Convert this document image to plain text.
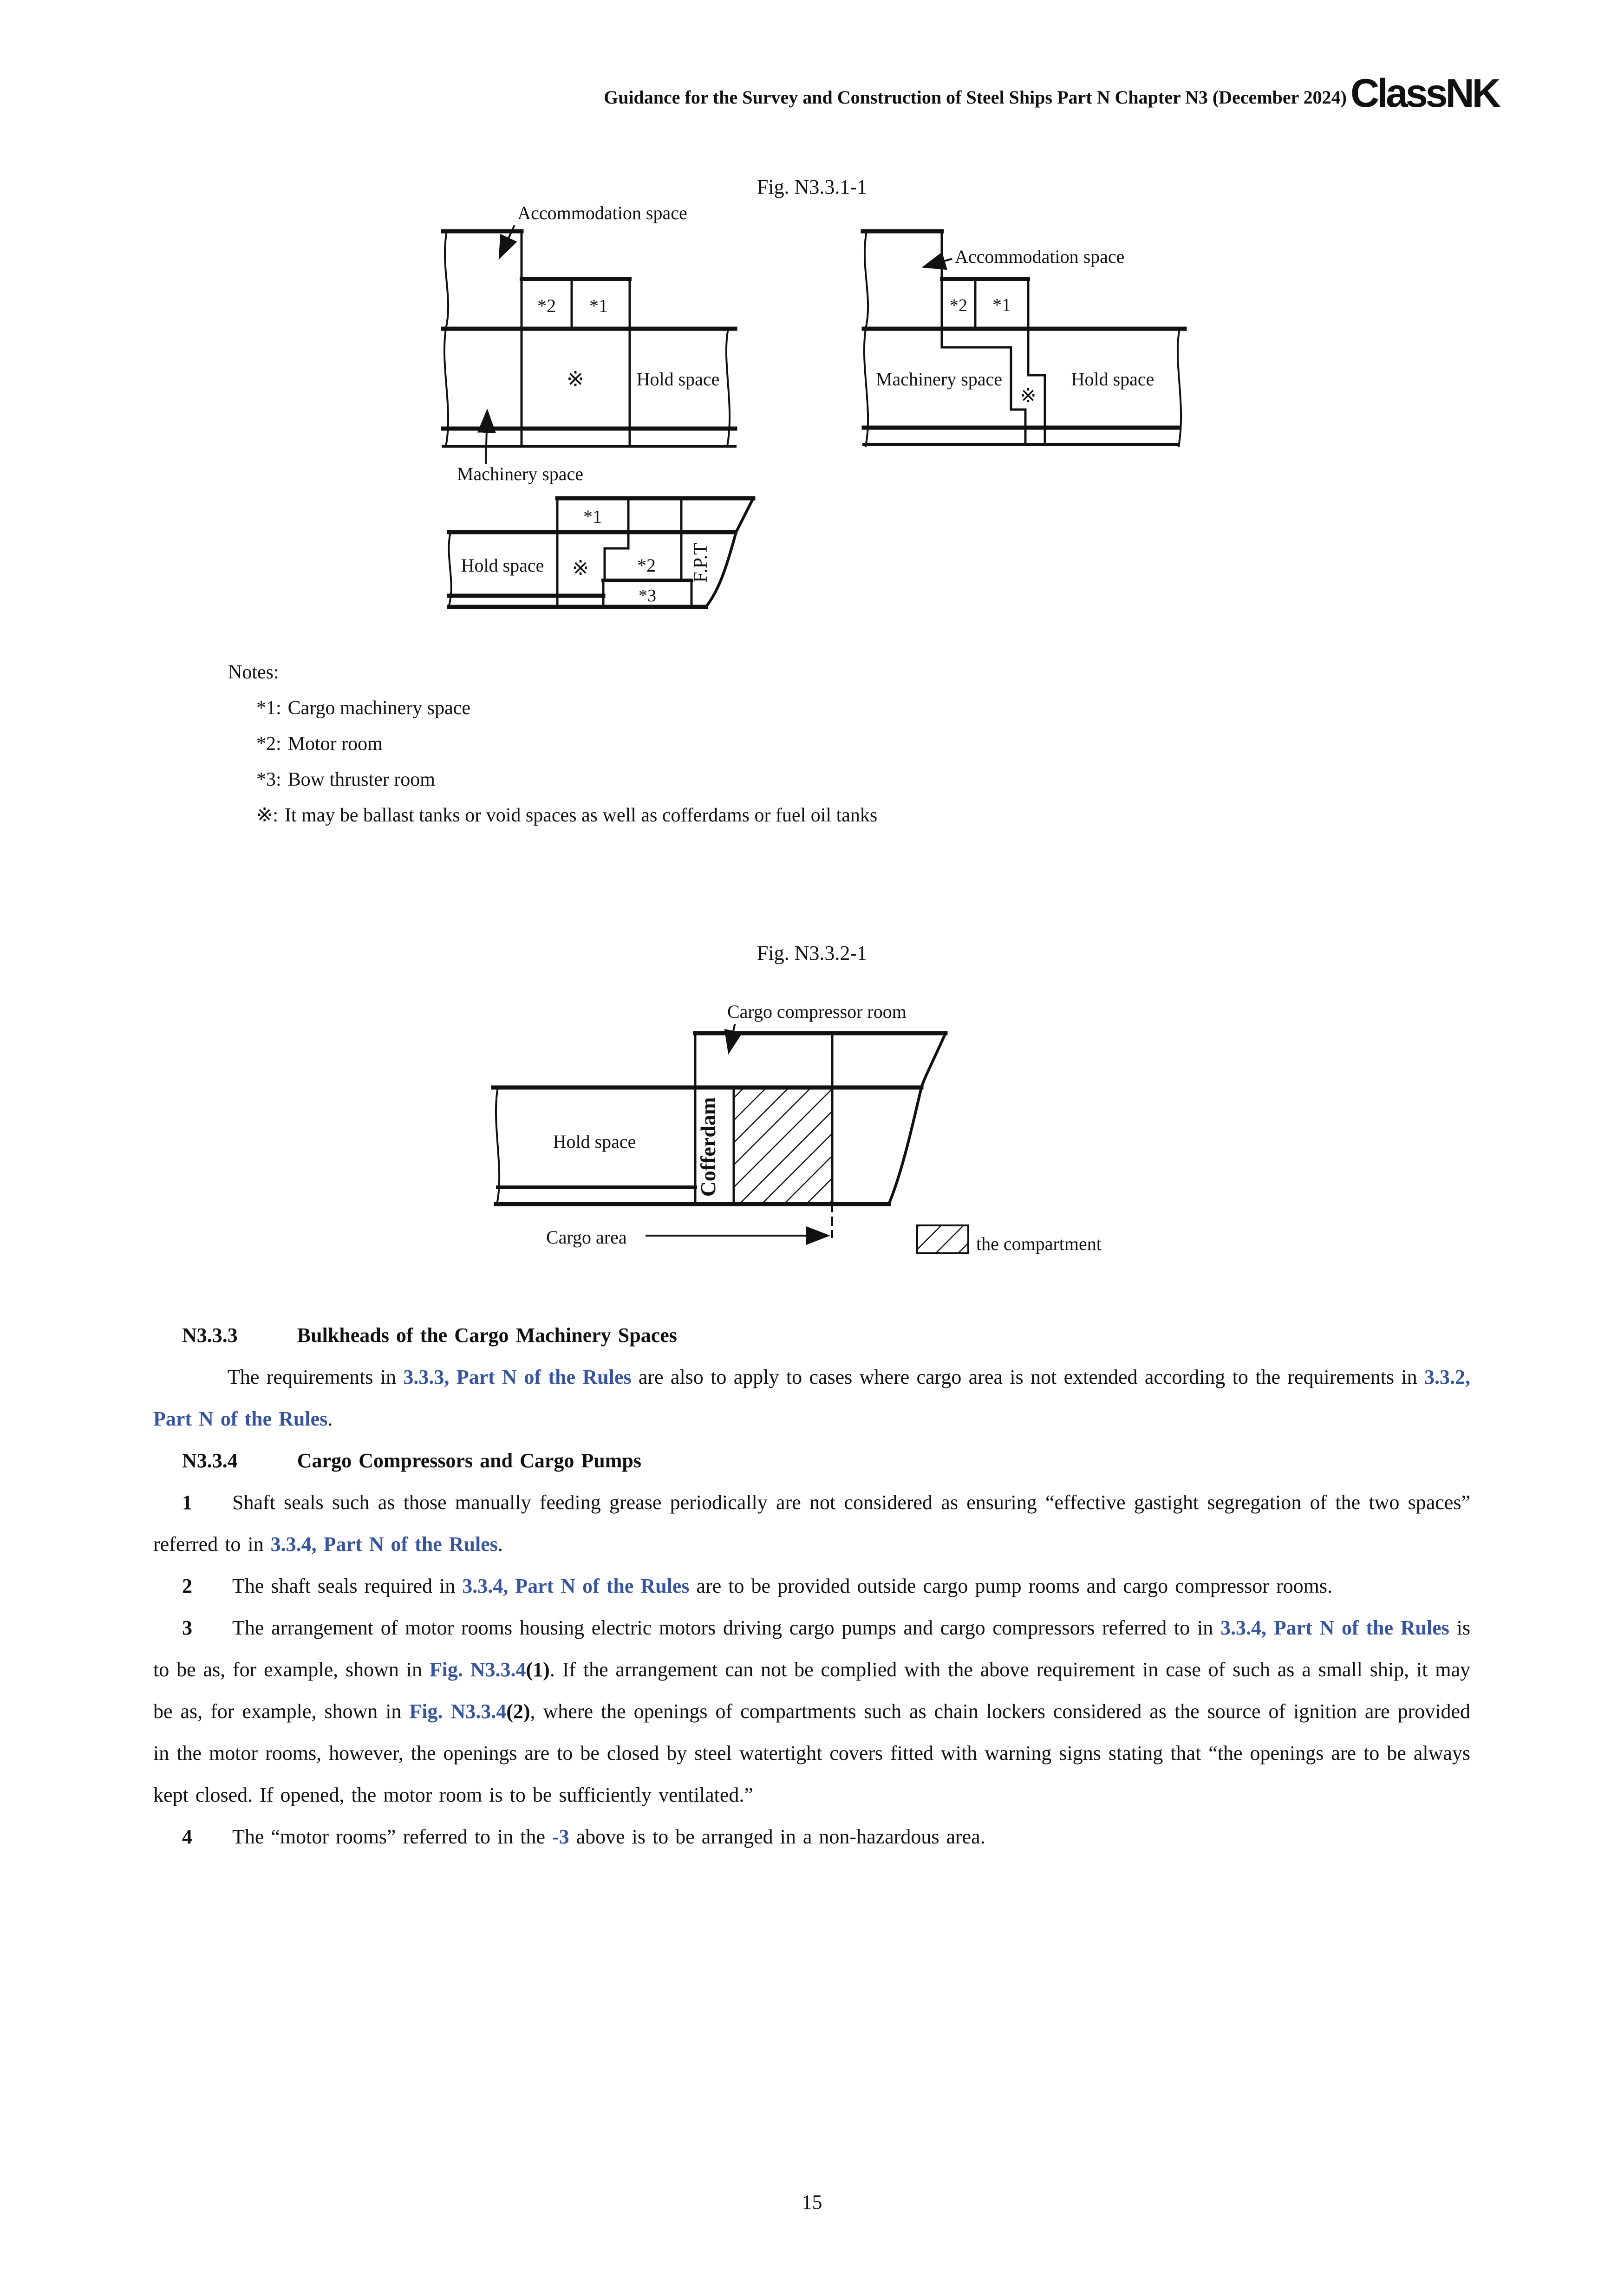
Guidance for the Survey and Construction of Steel Ships Part N Chapter N3 (December 2024) ClassNK
Fig. N3.3.1-1
Accommodation space
*2 *1
※	Hold space
Machinery space
Accommodation space
*2 *1
Machinery space	Hold space
※
*1
※	*2
*3
Hold space	F.P.T
Notes:
*1: Cargo machinery space
*2: Motor room
*3: Bow thruster room
※: It may be ballast tanks or void spaces as well as cofferdams or fuel oil tanks
Fig. N3.3.2-1
Cargo compressor room
Hold space	Cofferdam
Cargo area	the compartment
N3.3.3	Bulkheads of the Cargo Machinery Spaces
The requirements in 3.3.3, Part N of the Rules are also to apply to cases where cargo area is not extended according to the requirements in 3.3.2, Part N of the Rules.
N3.3.4	Cargo Compressors and Cargo Pumps
1 Shaft seals such as those manually feeding grease periodically are not considered as ensuring “effective gastight segregation of the two spaces” referred to in 3.3.4, Part N of the Rules.
2 The shaft seals required in 3.3.4, Part N of the Rules are to be provided outside cargo pump rooms and cargo compressor rooms.
3 The arrangement of motor rooms housing electric motors driving cargo pumps and cargo compressors referred to in 3.3.4, Part N of the Rules is to be as, for example, shown in Fig. N3.3.4(1). If the arrangement can not be complied with the above requirement in case of such as a small ship, it may be as, for example, shown in Fig. N3.3.4(2), where the openings of compartments such as chain lockers considered as the source of ignition are provided in the motor rooms, however, the openings are to be closed by steel watertight covers fitted with warning signs stating that “the openings are to be always kept closed. If opened, the motor room is to be sufficiently ventilated.”
4 The “motor rooms” referred to in the -3 above is to be arranged in a non-hazardous area.
15
